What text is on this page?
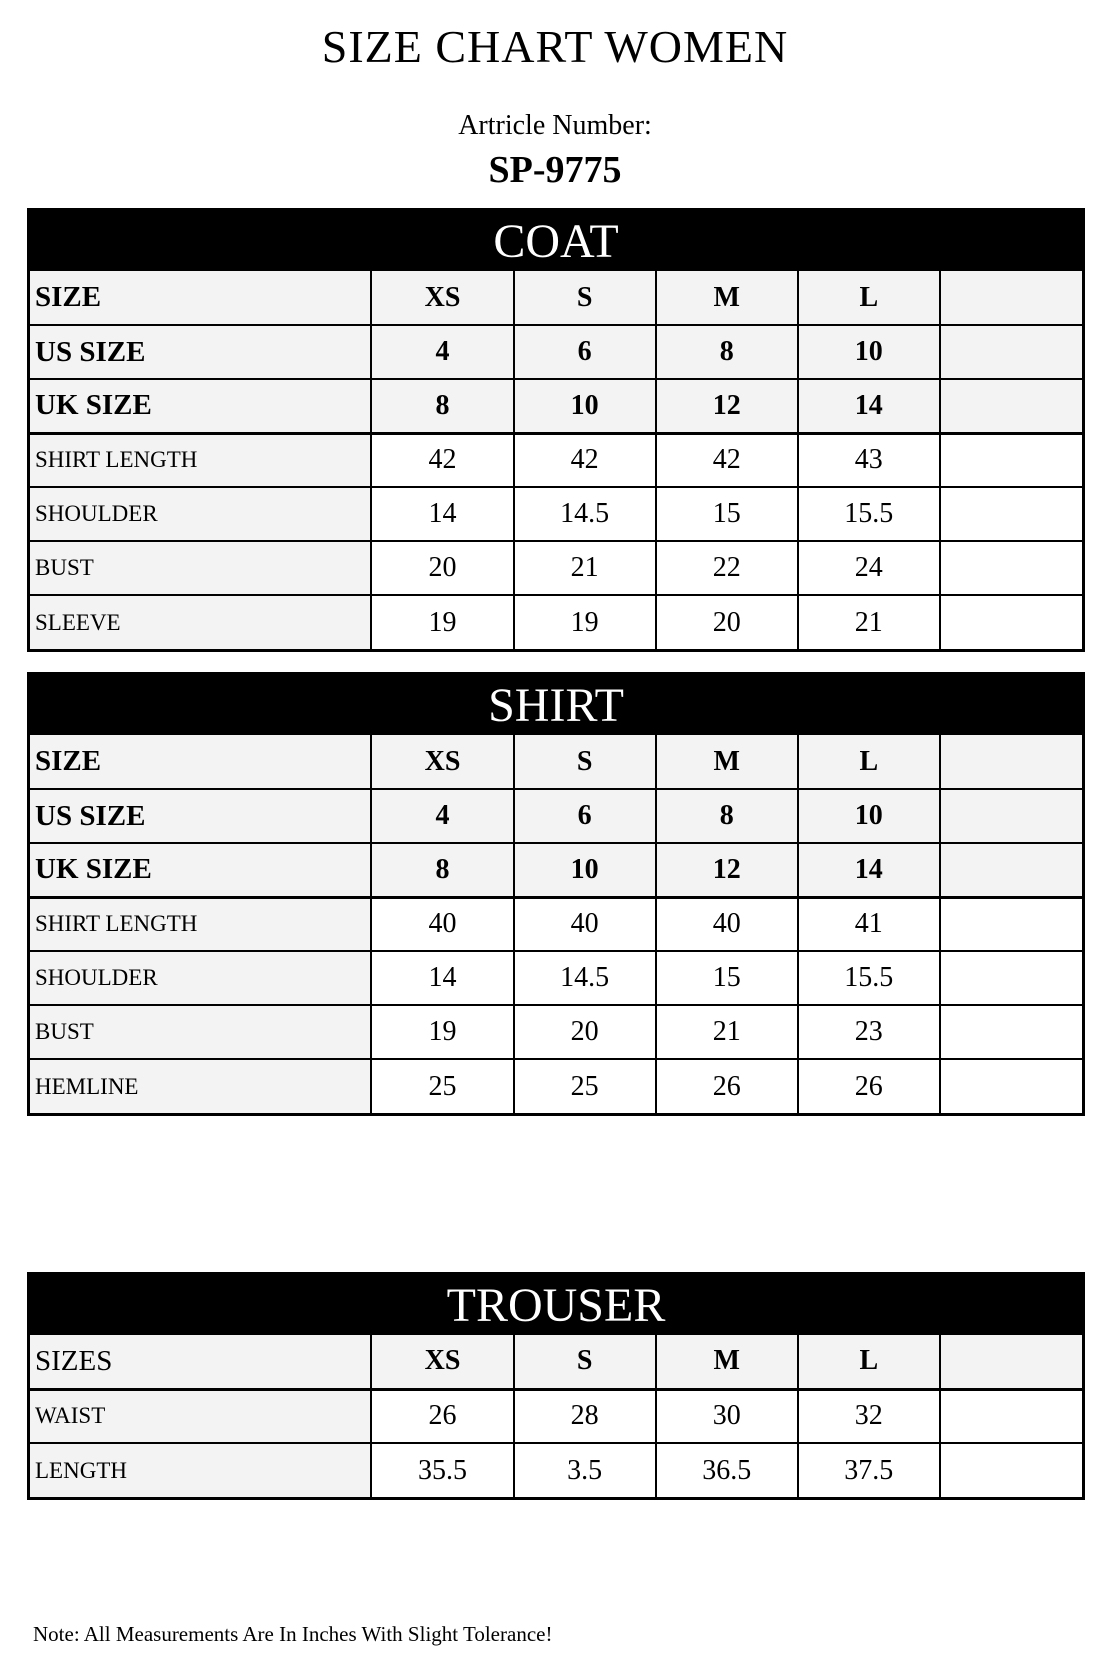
SIZE CHART WOMEN
Artricle Number:
SP-9775
COAT
SIZE	XS	S	M	L	
US SIZE	4	6	8	10	
UK SIZE	8	10	12	14	
SHIRT LENGTH	42	42	42	43	
SHOULDER	14	14.5	15	15.5	
BUST	20	21	22	24	
SLEEVE	19	19	20	21	
SHIRT
SIZE	XS	S	M	L	
US SIZE	4	6	8	10	
UK SIZE	8	10	12	14	
SHIRT LENGTH	40	40	40	41	
SHOULDER	14	14.5	15	15.5	
BUST	19	20	21	23	
HEMLINE	25	25	26	26	
TROUSER
SIZES	XS	S	M	L	
WAIST	26	28	30	32	
LENGTH	35.5	3.5	36.5	37.5	
Note: All Measurements Are In Inches With Slight Tolerance!
